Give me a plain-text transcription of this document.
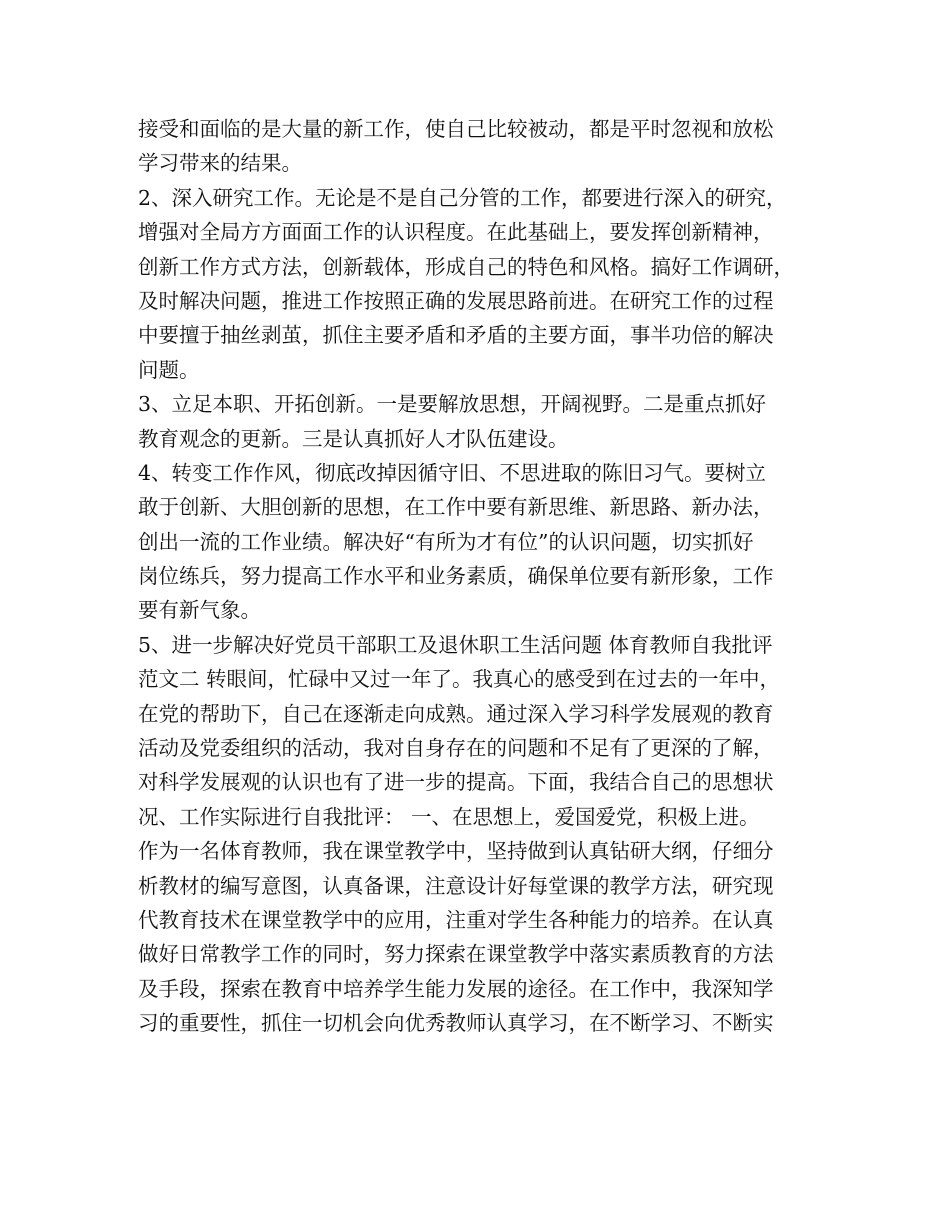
接受和面临的是大量的新工作，使自己比较被动，都是平时忽视和放松
学习带来的结果。
2、深入研究工作。无论是不是自己分管的工作，都要进行深入的研究，
增强对全局方方面面工作的认识程度。在此基础上，要发挥创新精神，
创新工作方式方法，创新载体，形成自己的特色和风格。搞好工作调研，
及时解决问题，推进工作按照正确的发展思路前进。在研究工作的过程
中要擅于抽丝剥茧，抓住主要矛盾和矛盾的主要方面，事半功倍的解决
问题。
3、立足本职、开拓创新。一是要解放思想，开阔视野。二是重点抓好
教育观念的更新。三是认真抓好人才队伍建设。
4、转变工作作风，彻底改掉因循守旧、不思进取的陈旧习气。要树立
敢于创新、大胆创新的思想，在工作中要有新思维、新思路、新办法，
创出一流的工作业绩。解决好“有所为才有位”的认识问题，切实抓好
岗位练兵，努力提高工作水平和业务素质，确保单位要有新形象，工作
要有新气象。
5、进一步解决好党员干部职工及退休职工生活问题 体育教师自我批评
范文二 转眼间，忙碌中又过一年了。我真心的感受到在过去的一年中，
在党的帮助下，自己在逐渐走向成熟。通过深入学习科学发展观的教育
活动及党委组织的活动，我对自身存在的问题和不足有了更深的了解，
对科学发展观的认识也有了进一步的提高。下面，我结合自己的思想状
况、工作实际进行自我批评： 一、在思想上，爱国爱党，积极上进。
作为一名体育教师，我在课堂教学中，坚持做到认真钻研大纲，仔细分
析教材的编写意图，认真备课，注意设计好每堂课的教学方法，研究现
代教育技术在课堂教学中的应用，注重对学生各种能力的培养。在认真
做好日常教学工作的同时，努力探索在课堂教学中落实素质教育的方法
及手段，探索在教育中培养学生能力发展的途径。在工作中，我深知学
习的重要性，抓住一切机会向优秀教师认真学习，在不断学习、不断实
